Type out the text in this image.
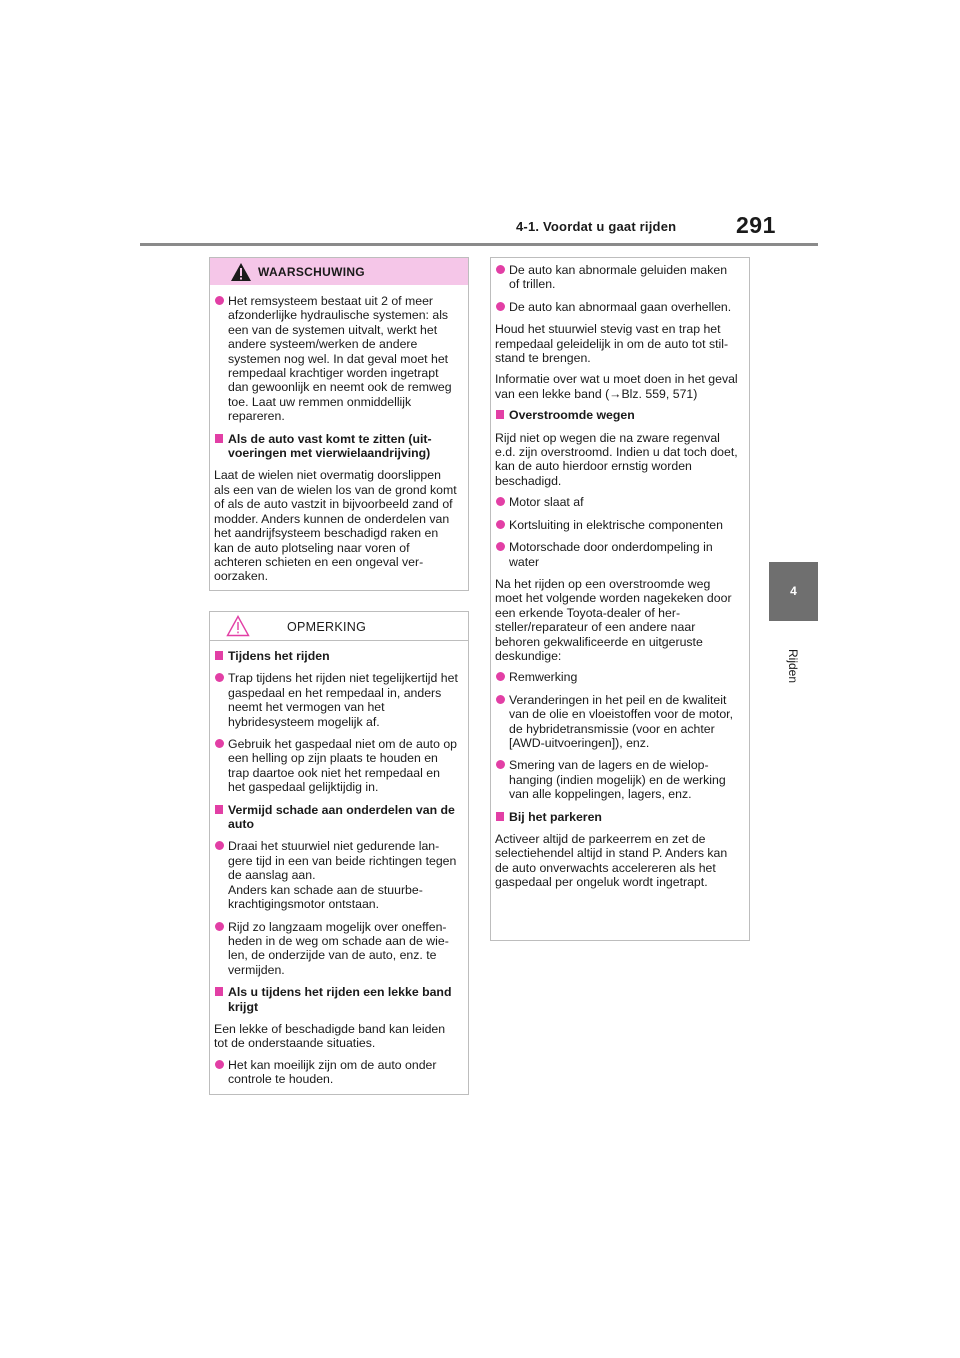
4-1. Voordat u gaat rijden	291
4
Rijden
WAARSCHUWING
Het remsysteem bestaat uit 2 of meer afzonderlijke hydraulische systemen: als een van de systemen uitvalt, werkt het andere systeem/werken de andere systemen nog wel. In dat geval moet het rempedaal krachtiger worden ingetrapt dan gewoonlijk en neemt ook de remweg toe. Laat uw remmen onmiddellijk repareren.
Als de auto vast komt te zitten (uitvoeringen met vierwielaandrijving)

Laat de wielen niet overmatig doorslippen als een van de wielen los van de grond komt of als de auto vastzit in bijvoorbeeld zand of modder. Anders kunnen de onderdelen van het aandrijfsysteem beschadigd raken en kan de auto plotseling naar voren of achteren schieten en een ongeval veroorzaken.

OPMERKING
Tijdens het rijden
Trap tijdens het rijden niet tegelijkertijd het gaspedaal en het rempedaal in, anders neemt het vermogen van het hybridesysteem mogelijk af.
Gebruik het gaspedaal niet om de auto op een helling op zijn plaats te houden en trap daartoe ook niet het rempedaal en het gaspedaal gelijktijdig in.
Vermijd schade aan onderdelen van de auto
Draai het stuurwiel niet gedurende langere tijd in een van beide richtingen tegen de aanslag aan.
Anders kan schade aan de stuurbekrachtigingsmotor ontstaan.
Rijd zo langzaam mogelijk over oneffenheden in de weg om schade aan de wielen, de onderzijde van de auto, enz. te vermijden.
Als u tijdens het rijden een lekke band krijgt

Een lekke of beschadigde band kan leiden tot de onderstaande situaties.

Het kan moeilijk zijn om de auto onder controle te houden.
De auto kan abnormale geluiden maken of trillen.
De auto kan abnormaal gaan overhellen.

Houd het stuurwiel stevig vast en trap het rempedaal geleidelijk in om de auto tot stilstand te brengen.

Informatie over wat u moet doen in het geval van een lekke band (→Blz. 559, 571)

Overstroomde wegen

Rijd niet op wegen die na zware regenval e.d. zijn overstroomd. Indien u dat toch doet, kan de auto hierdoor ernstig worden beschadigd.

Motor slaat af
Kortsluiting in elektrische componenten
Motorschade door onderdompeling in water

Na het rijden op een overstroomde weg moet het volgende worden nagekeken door een erkende Toyota-dealer of hersteller/reparateur of een andere naar behoren gekwalificeerde en uitgeruste deskundige:

Remwerking
Veranderingen in het peil en de kwaliteit van de olie en vloeistoffen voor de motor, de hybridetransmissie (voor en achter [AWD-uitvoeringen]), enz.
Smering van de lagers en de wielophanging (indien mogelijk) en de werking van alle koppelingen, lagers, enz.
Bij het parkeren

Activeer altijd de parkeerrem en zet de selectiehendel altijd in stand P. Anders kan de auto onverwachts accelereren als het gaspedaal per ongeluk wordt ingetrapt.
